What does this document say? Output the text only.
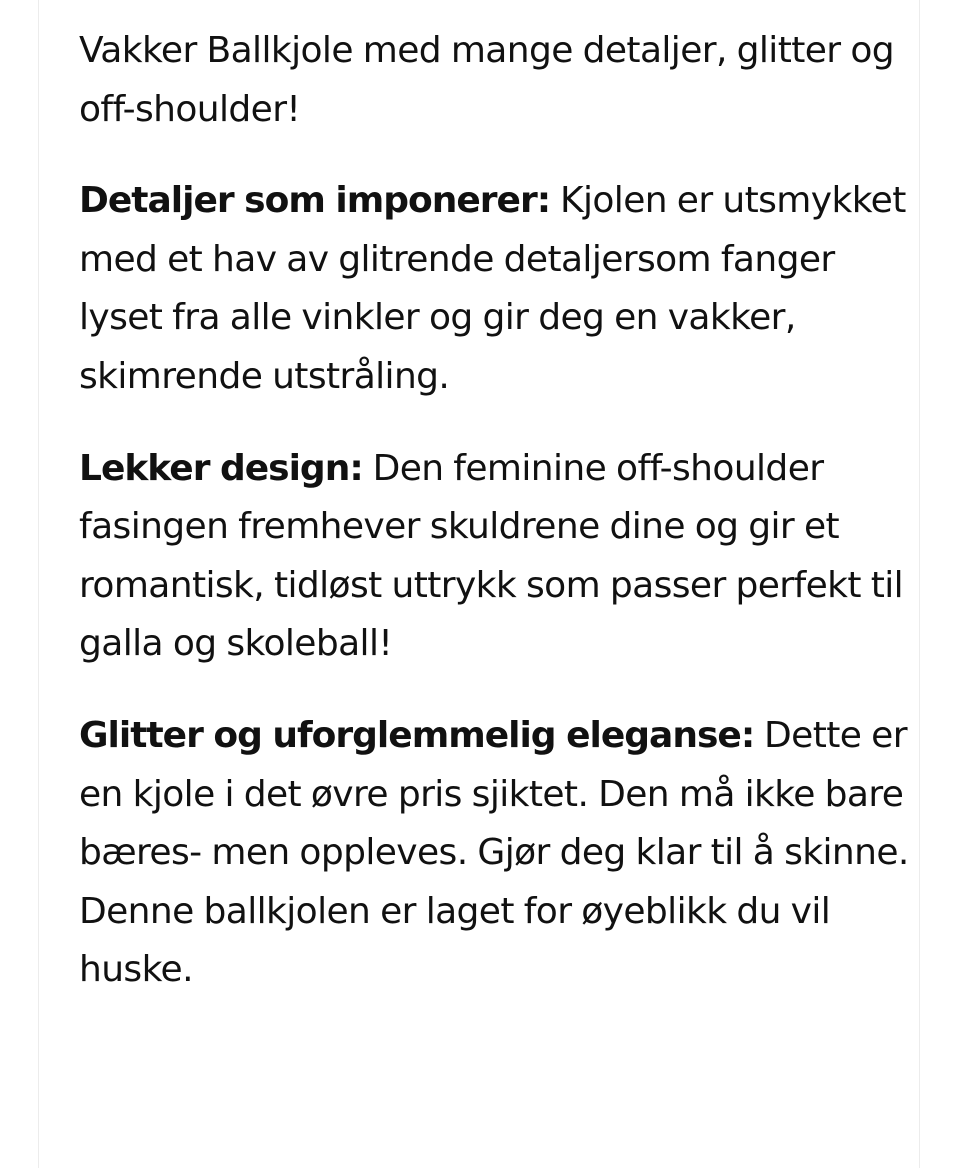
Vakker Ballkjole med mange detaljer, glitter og off-shoulder!

Detaljer som imponerer: Kjolen er utsmykket med et hav av glitrende detaljersom fanger lyset fra alle vinkler og gir deg en vakker, skimrende utstråling.

Lekker design: Den feminine off-shoulder fasingen fremhever skuldrene dine og gir et romantisk, tidløst uttrykk som passer perfekt til galla og skoleball!

Glitter og uforglemmelig eleganse: Dette er en kjole i det øvre pris sjiktet. Den må ikke bare bæres- men oppleves. Gjør deg klar til å skinne. Denne ballkjolen er laget for øyeblikk du vil huske.
